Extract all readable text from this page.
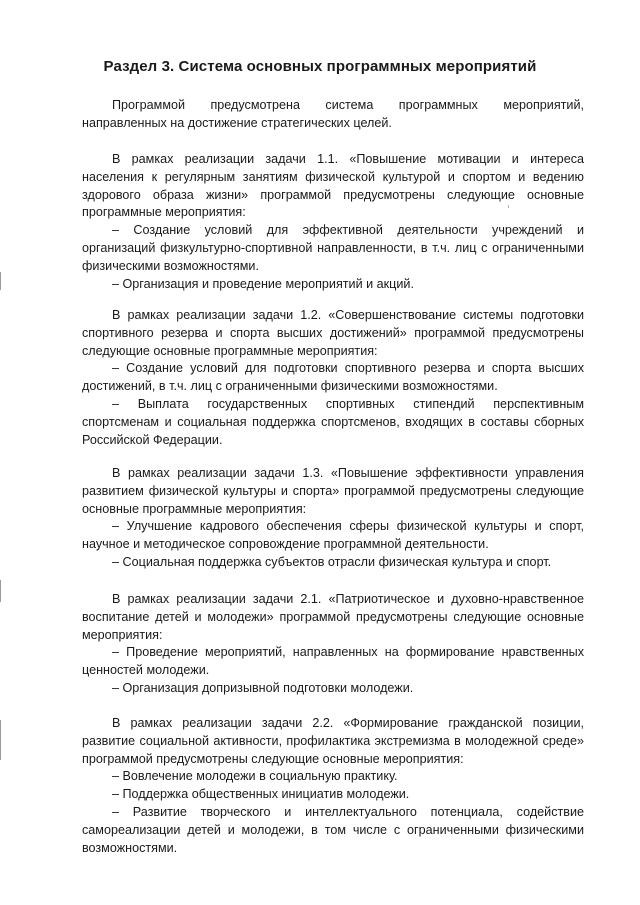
Раздел 3. Система основных программных мероприятий

Программой предусмотрена система программных мероприятий, направленных на достижение стратегических целей.

В рамках реализации задачи 1.1. «Повышение мотивации и интереса населения к регулярным занятиям физической культурой и спортом и ведению здорового образа жизни» программой предусмотрены следующие основные программные мероприятия:

– Создание условий для эффективной деятельности учреждений и организаций физкультурно-спортивной направленности, в т.ч. лиц с ограниченными физическими возможностями.

– Организация и проведение мероприятий и акций.

В рамках реализации задачи 1.2. «Совершенствование системы подготовки спортивного резерва и спорта высших достижений» программой предусмотрены следующие основные программные мероприятия:

– Создание условий для подготовки спортивного резерва и спорта высших достижений, в т.ч. лиц с ограниченными физическими возможностями.

– Выплата государственных спортивных стипендий перспективным спортсменам и социальная поддержка спортсменов, входящих в составы сборных Российской Федерации.

В рамках реализации задачи 1.3. «Повышение эффективности управления развитием физической культуры и спорта» программой предусмотрены следующие основные программные мероприятия:

– Улучшение кадрового обеспечения сферы физической культуры и спорт, научное и методическое сопровождение программной деятельности.

– Социальная поддержка субъектов отрасли физическая культура и спорт.

В рамках реализации задачи 2.1. «Патриотическое и духовно-нравственное воспитание детей и молодежи» программой предусмотрены следующие основные мероприятия:

– Проведение мероприятий, направленных на формирование нравственных ценностей молодежи.

– Организация допризывной подготовки молодежи.

В рамках реализации задачи 2.2. «Формирование гражданской позиции, развитие социальной активности, профилактика экстремизма в молодежной среде» программой предусмотрены следующие основные мероприятия:

– Вовлечение молодежи в социальную практику.

– Поддержка общественных инициатив молодежи.

– Развитие творческого и интеллектуального потенциала, содействие самореализации детей и молодежи, в том числе с ограниченными физическими возможностями.
